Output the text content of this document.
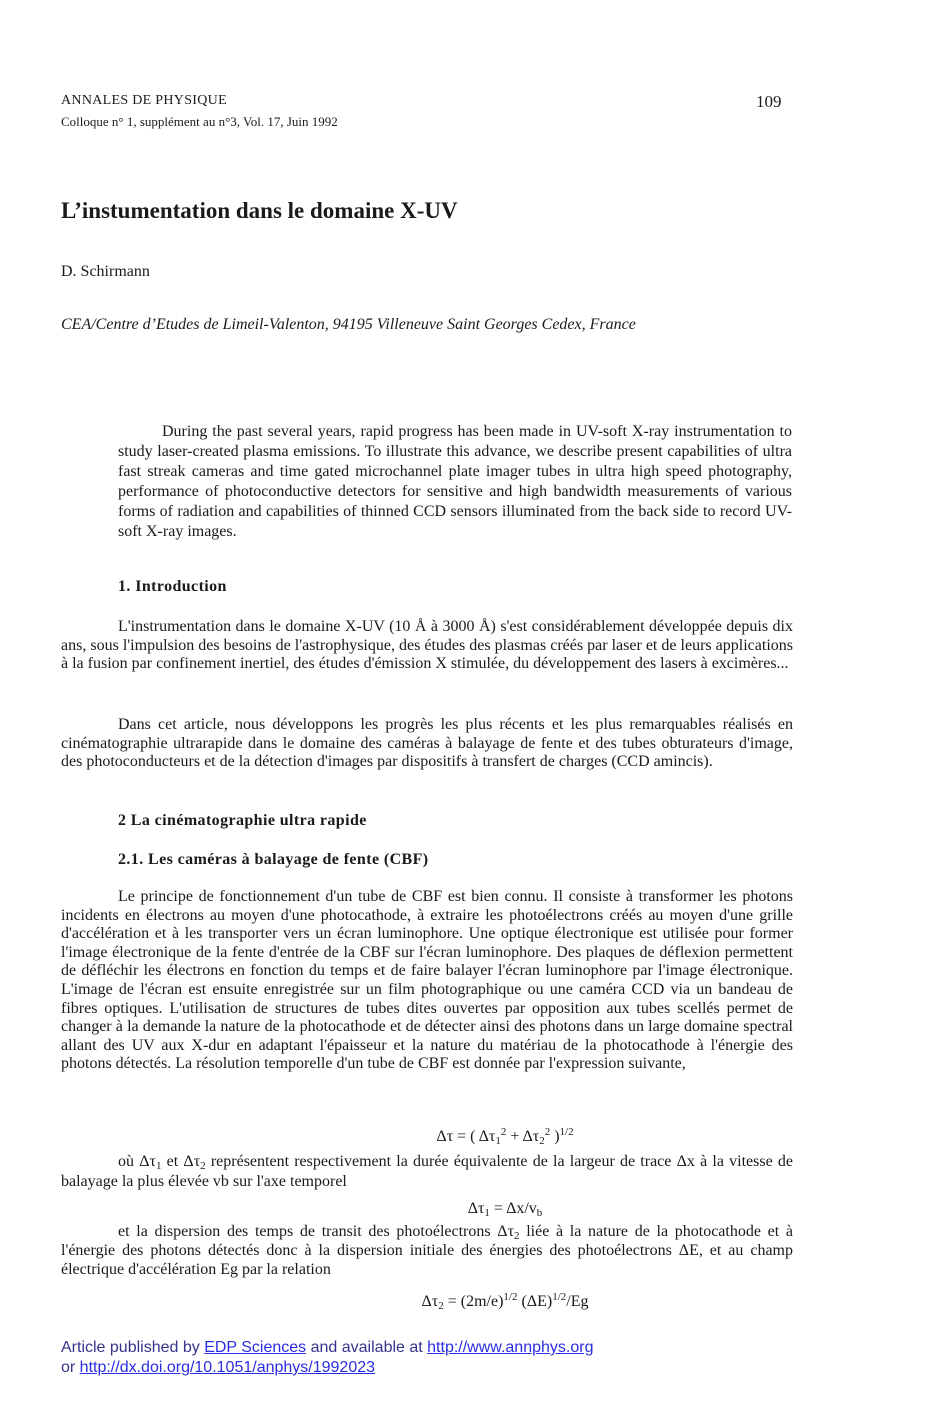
ANNALES DE PHYSIQUE
Colloque n° 1, supplément au n°3, Vol. 17, Juin 1992
109
L’instumentation dans le domaine X-UV
D. Schirmann
CEA/Centre d’Etudes de Limeil-Valenton, 94195 Villeneuve Saint Georges Cedex, France
During the past several years, rapid progress has been made in UV-soft X-ray instrumentation to study laser-created plasma emissions. To illustrate this advance, we describe present capabilities of ultra fast streak cameras and time gated microchannel plate imager tubes in ultra high speed photography, performance of photoconductive detectors for sensitive and high bandwidth measurements of various forms of radiation and capabilities of thinned CCD sensors illuminated from the back side to record UV-soft X-ray images.
1. Introduction
L'instrumentation dans le domaine X-UV (10 Å à 3000 Å) s'est considérablement développée depuis dix ans, sous l'impulsion des besoins de l'astrophysique, des études des plasmas créés par laser et de leurs applications à la fusion par confinement inertiel, des études d'émission X stimulée, du développement des lasers à excimères...
Dans cet article, nous développons les progrès les plus récents et les plus remarquables réalisés en cinématographie ultrarapide dans le domaine des caméras à balayage de fente et des tubes obturateurs d'image, des photoconducteurs et de la détection d'images par dispositifs à transfert de charges (CCD amincis).
2 La cinématographie ultra rapide
2.1. Les caméras à balayage de fente (CBF)
Le principe de fonctionnement d'un tube de CBF est bien connu. Il consiste à transformer les photons incidents en électrons au moyen d'une photocathode, à extraire les photoélectrons créés au moyen d'une grille d'accélération et à les transporter vers un écran luminophore. Une optique électronique est utilisée pour former l'image électronique de la fente d'entrée de la CBF sur l'écran luminophore. Des plaques de déflexion permettent de défléchir les électrons en fonction du temps et de faire balayer l'écran luminophore par l'image électronique. L'image de l'écran est ensuite enregistrée sur un film photographique ou une caméra CCD via un bandeau de fibres optiques. L'utilisation de structures de tubes dites ouvertes par opposition aux tubes scellés permet de changer à la demande la nature de la photocathode et de détecter ainsi des photons dans un large domaine spectral allant des UV aux X-dur en adaptant l'épaisseur et la nature du matériau de la photocathode à l'énergie des photons détectés. La résolution temporelle d'un tube de CBF est donnée par l'expression suivante,
Δτ = ( $\Delta\tau_1^2 + \Delta\tau_2^2$ )$^{1/2}$
où $\Delta\tau_1$ et $\Delta\tau_2$ représentent respectivement la durée équivalente de la largeur de trace Δx à la vitesse de balayage la plus élevée vb sur l'axe temporel
$\Delta\tau_1 = \Delta x/v_b$
et la dispersion des temps de transit des photoélectrons $\Delta\tau_2$ liée à la nature de la photocathode et à l'énergie des photons détectés donc à la dispersion initiale des énergies des photoélectrons ΔE, et au champ électrique d'accélération Eg par la relation
$\Delta\tau_2 = (2m/e)^{1/2}$ $(\Delta E)^{1/2}/Eg$
Article published by EDP Sciences and available at http://www.annphys.org
or http://dx.doi.org/10.1051/anphys/1992023
